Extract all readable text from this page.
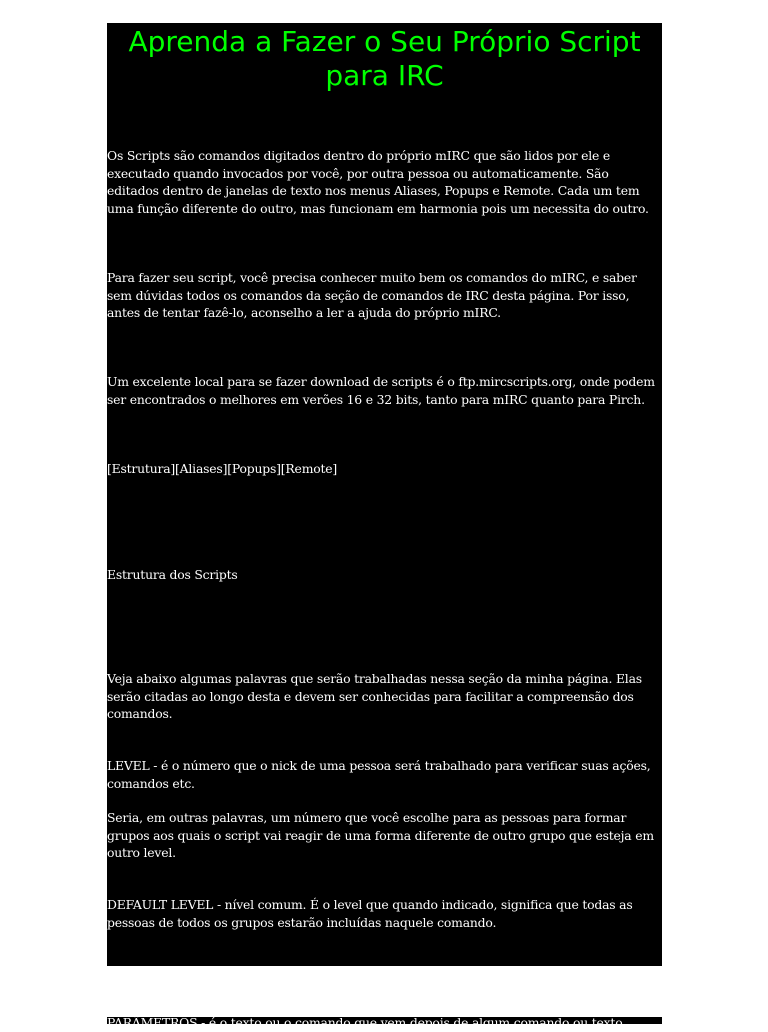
Aprenda a Fazer o Seu Próprio Script para IRC

Os Scripts são comandos digitados dentro do próprio mIRC que são lidos por ele e executado quando invocados por você, por outra pessoa ou automaticamente. São editados dentro de janelas de texto nos menus Aliases, Popups e Remote. Cada um tem uma função diferente do outro, mas funcionam em harmonia pois um necessita do outro.

Para fazer seu script, você precisa conhecer muito bem os comandos do mIRC, e saber sem dúvidas todos os comandos da seção de comandos de IRC desta página. Por isso, antes de tentar fazê-lo, aconselho a ler a ajuda do próprio mIRC.

Um excelente local para se fazer download de scripts é o ftp.mircscripts.org, onde podem ser encontrados o melhores em verões 16 e 32 bits, tanto para mIRC quanto para Pirch.

[Estrutura][Aliases][Popups][Remote]

Estrutura dos Scripts

Veja abaixo algumas palavras que serão trabalhadas nessa seção da minha página. Elas serão citadas ao longo desta e devem ser conhecidas para facilitar a compreensão dos comandos.

LEVEL - é o número que o nick de uma pessoa será trabalhado para verificar suas ações, comandos etc.

Seria, em outras palavras, um número que você escolhe para as pessoas para formar grupos aos quais o script vai reagir de uma forma diferente de outro grupo que esteja em outro level.

DEFAULT LEVEL - nível comum. É o level que quando indicado, significa que todas as pessoas de todos os grupos estarão incluídas naquele comando.

PARÂMETROS - é o texto ou o comando que vem depois de algum comando ou texto
